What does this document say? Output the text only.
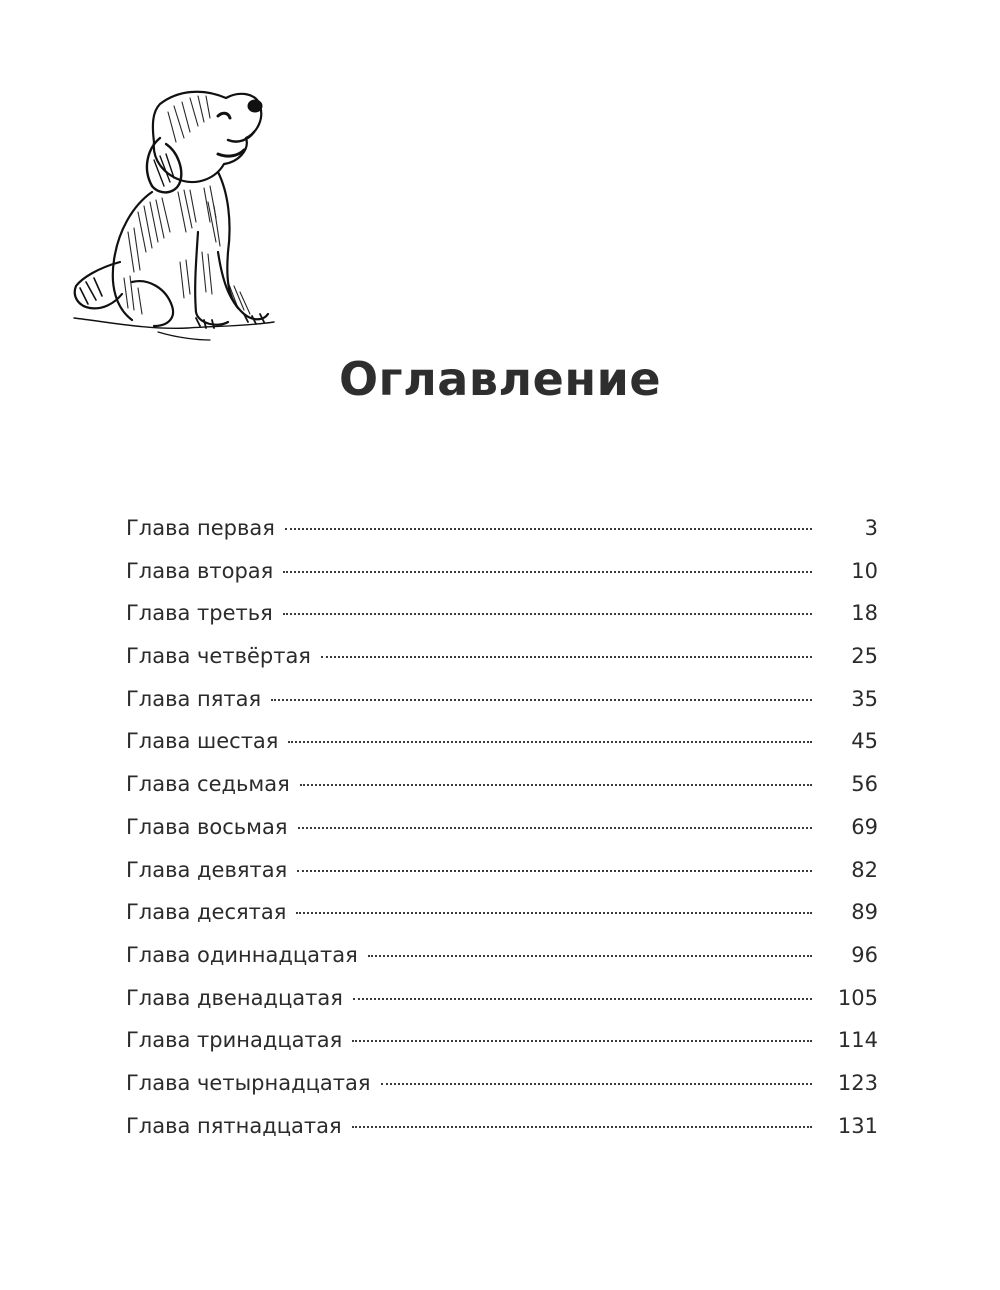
Оглавление
Глава первая	3
Глава вторая	10
Глава третья	18
Глава четвёртая	25
Глава пятая	35
Глава шестая	45
Глава седьмая	56
Глава восьмая	69
Глава девятая	82
Глава десятая	89
Глава одиннадцатая	96
Глава двенадцатая	105
Глава тринадцатая	114
Глава четырнадцатая	123
Глава пятнадцатая	131
